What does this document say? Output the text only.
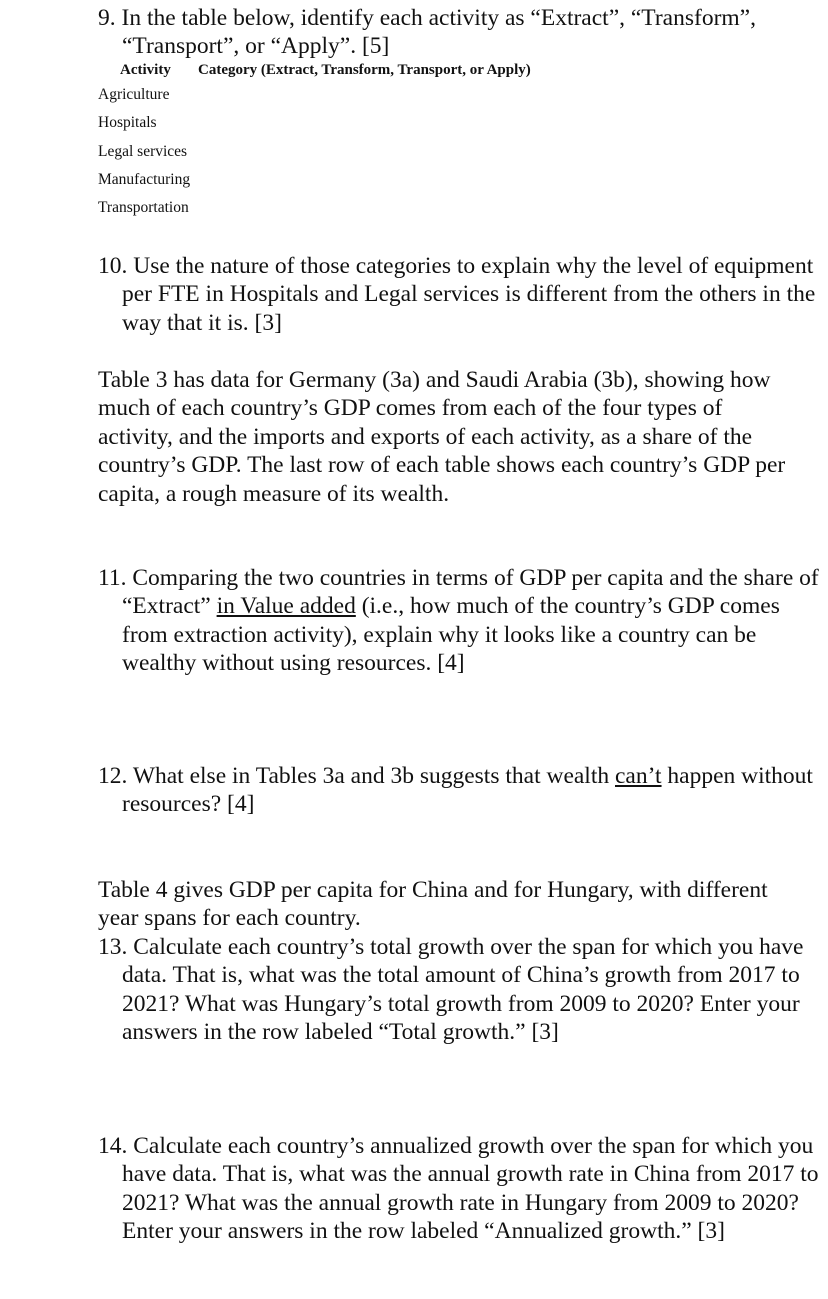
9. In the table below, identify each activity as “Extract”, “Transform”, “Transport”, or “Apply”. [5]

Activity Category (Extract, Transform, Transport, or Apply)
Agriculture
Hospitals
Legal services
Manufacturing
Transportation

10. Use the nature of those categories to explain why the level of equipment per FTE in Hospitals and Legal services is different from the others in the way that it is. [3]

Table 3 has data for Germany (3a) and Saudi Arabia (3b), showing how much of each country’s GDP comes from each of the four types of activity, and the imports and exports of each activity, as a share of the country’s GDP. The last row of each table shows each country’s GDP per capita, a rough measure of its wealth.

11. Comparing the two countries in terms of GDP per capita and the share of “Extract” in Value added (i.e., how much of the country’s GDP comes from extraction activity), explain why it looks like a country can be wealthy without using resources. [4]

12. What else in Tables 3a and 3b suggests that wealth can’t happen without resources? [4]

Table 4 gives GDP per capita for China and for Hungary, with different year spans for each country.

13. Calculate each country’s total growth over the span for which you have data. That is, what was the total amount of China’s growth from 2017 to 2021? What was Hungary’s total growth from 2009 to 2020? Enter your answers in the row labeled “Total growth.” [3]

14. Calculate each country’s annualized growth over the span for which you have data. That is, what was the annual growth rate in China from 2017 to 2021? What was the annual growth rate in Hungary from 2009 to 2020? Enter your answers in the row labeled “Annualized growth.” [3]
